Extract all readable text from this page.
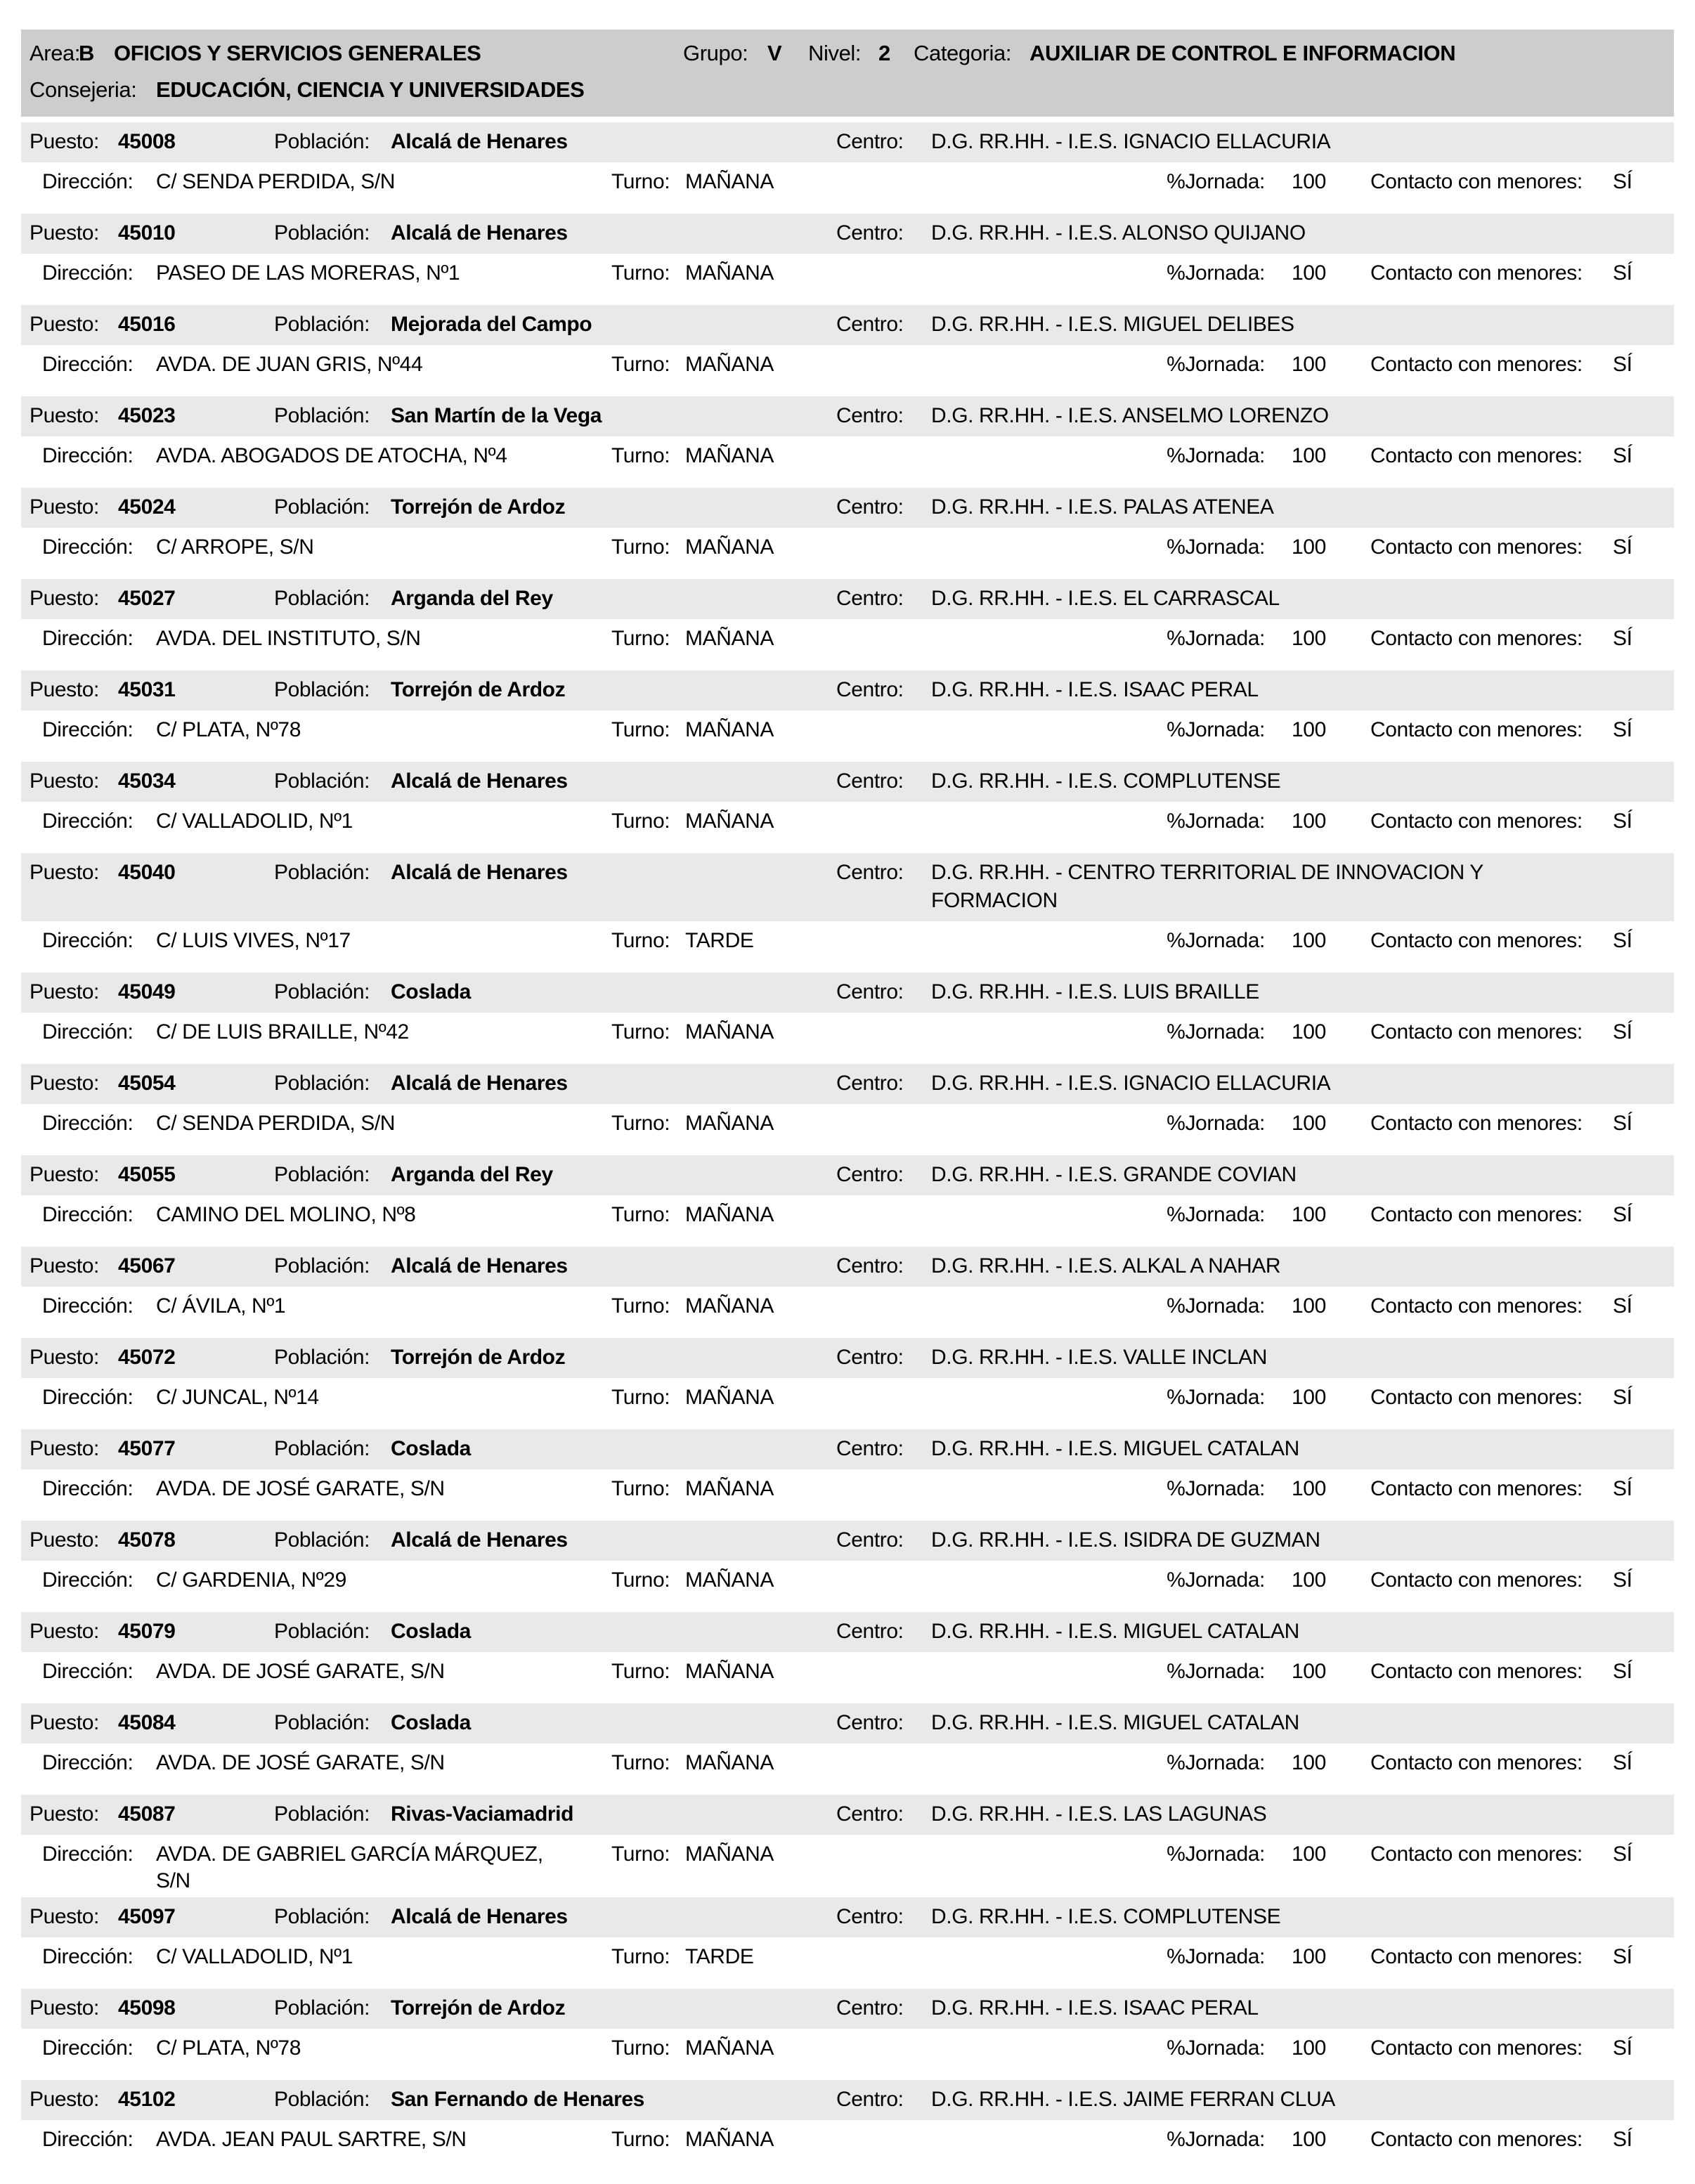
Area:
B OFICIOS Y SERVICIOS GENERALES	Grupo: V	Nivel: 2	Categoria: AUXILIAR DE CONTROL E INFORMACION
Consejeria: EDUCACIÓN, CIENCIA Y UNIVERSIDADES
Puesto: 45008	Población: Alcalá de Henares	Centro:	D.G. RR.HH. - I.E.S. IGNACIO ELLACURIA
Dirección:	C/ SENDA PERDIDA, S/N	Turno: MAÑANA	%Jornada:	100	Contacto con menores:	SÍ
Puesto: 45010	Población: Alcalá de Henares	Centro:	D.G. RR.HH. - I.E.S. ALONSO QUIJANO
Dirección:	PASEO DE LAS MORERAS, Nº1	Turno: MAÑANA	%Jornada:	100	Contacto con menores:	SÍ
Puesto: 45016	Población: Mejorada del Campo	Centro:	D.G. RR.HH. - I.E.S. MIGUEL DELIBES
Dirección:	AVDA. DE JUAN GRIS, Nº44	Turno: MAÑANA	%Jornada:	100	Contacto con menores:	SÍ
Puesto: 45023	Población: San Martín de la Vega	Centro:	D.G. RR.HH. - I.E.S. ANSELMO LORENZO
Dirección:	AVDA. ABOGADOS DE ATOCHA, Nº4	Turno: MAÑANA	%Jornada:	100	Contacto con menores:	SÍ
Puesto: 45024	Población: Torrejón de Ardoz	Centro:	D.G. RR.HH. - I.E.S. PALAS ATENEA
Dirección:	C/ ARROPE, S/N	Turno: MAÑANA	%Jornada:	100	Contacto con menores:	SÍ
Puesto: 45027	Población: Arganda del Rey	Centro:	D.G. RR.HH. - I.E.S. EL CARRASCAL
Dirección:	AVDA. DEL INSTITUTO, S/N	Turno: MAÑANA	%Jornada:	100	Contacto con menores:	SÍ
Puesto: 45031	Población: Torrejón de Ardoz	Centro:	D.G. RR.HH. - I.E.S. ISAAC PERAL
Dirección:	C/ PLATA, Nº78	Turno: MAÑANA	%Jornada:	100	Contacto con menores:	SÍ
Puesto: 45034	Población: Alcalá de Henares	Centro:	D.G. RR.HH. - I.E.S. COMPLUTENSE
Dirección:	C/ VALLADOLID, Nº1	Turno: MAÑANA	%Jornada:	100	Contacto con menores:	SÍ
Puesto: 45040	Población: Alcalá de Henares	Centro:	D.G. RR.HH. - CENTRO TERRITORIAL DE INNOVACION Y
FORMACION
Dirección:	C/ LUIS VIVES, Nº17	Turno: TARDE	%Jornada:	100	Contacto con menores:	SÍ
Puesto: 45049	Población: Coslada	Centro:	D.G. RR.HH. - I.E.S. LUIS BRAILLE
Dirección:	C/ DE LUIS BRAILLE, Nº42	Turno: MAÑANA	%Jornada:	100	Contacto con menores:	SÍ
Puesto: 45054	Población: Alcalá de Henares	Centro:	D.G. RR.HH. - I.E.S. IGNACIO ELLACURIA
Dirección:	C/ SENDA PERDIDA, S/N	Turno: MAÑANA	%Jornada:	100	Contacto con menores:	SÍ
Puesto: 45055	Población: Arganda del Rey	Centro:	D.G. RR.HH. - I.E.S. GRANDE COVIAN
Dirección:	CAMINO DEL MOLINO, Nº8	Turno: MAÑANA	%Jornada:	100	Contacto con menores:	SÍ
Puesto: 45067	Población: Alcalá de Henares	Centro:	D.G. RR.HH. - I.E.S. ALKAL A NAHAR
Dirección:	C/ ÁVILA, Nº1	Turno: MAÑANA	%Jornada:	100	Contacto con menores:	SÍ
Puesto: 45072	Población: Torrejón de Ardoz	Centro:	D.G. RR.HH. - I.E.S. VALLE INCLAN
Dirección:	C/ JUNCAL, Nº14	Turno: MAÑANA	%Jornada:	100	Contacto con menores:	SÍ
Puesto: 45077	Población: Coslada	Centro:	D.G. RR.HH. - I.E.S. MIGUEL CATALAN
Dirección:	AVDA. DE JOSÉ GARATE, S/N	Turno: MAÑANA	%Jornada:	100	Contacto con menores:	SÍ
Puesto: 45078	Población: Alcalá de Henares	Centro:	D.G. RR.HH. - I.E.S. ISIDRA DE GUZMAN
Dirección:	C/ GARDENIA, Nº29	Turno: MAÑANA	%Jornada:	100	Contacto con menores:	SÍ
Puesto: 45079	Población: Coslada	Centro:	D.G. RR.HH. - I.E.S. MIGUEL CATALAN
Dirección:	AVDA. DE JOSÉ GARATE, S/N	Turno: MAÑANA	%Jornada:	100	Contacto con menores:	SÍ
Puesto: 45084	Población: Coslada	Centro:	D.G. RR.HH. - I.E.S. MIGUEL CATALAN
Dirección:	AVDA. DE JOSÉ GARATE, S/N	Turno: MAÑANA	%Jornada:	100	Contacto con menores:	SÍ
Puesto: 45087	Población: Rivas-Vaciamadrid	Centro:	D.G. RR.HH. - I.E.S. LAS LAGUNAS
Dirección:	AVDA. DE GABRIEL GARCÍA MÁRQUEZ,
S/N
Turno: MAÑANA	%Jornada:	100	Contacto con menores:	SÍ
Puesto: 45097	Población: Alcalá de Henares	Centro:	D.G. RR.HH. - I.E.S. COMPLUTENSE
Dirección:	C/ VALLADOLID, Nº1	Turno: TARDE	%Jornada:	100	Contacto con menores:	SÍ
Puesto: 45098	Población: Torrejón de Ardoz	Centro:	D.G. RR.HH. - I.E.S. ISAAC PERAL
Dirección:	C/ PLATA, Nº78	Turno: MAÑANA	%Jornada:	100	Contacto con menores:	SÍ
Puesto: 45102	Población: San Fernando de Henares	Centro:	D.G. RR.HH. - I.E.S. JAIME FERRAN CLUA
Dirección:	AVDA. JEAN PAUL SARTRE, S/N	Turno: MAÑANA	%Jornada:	100	Contacto con menores:	SÍ
